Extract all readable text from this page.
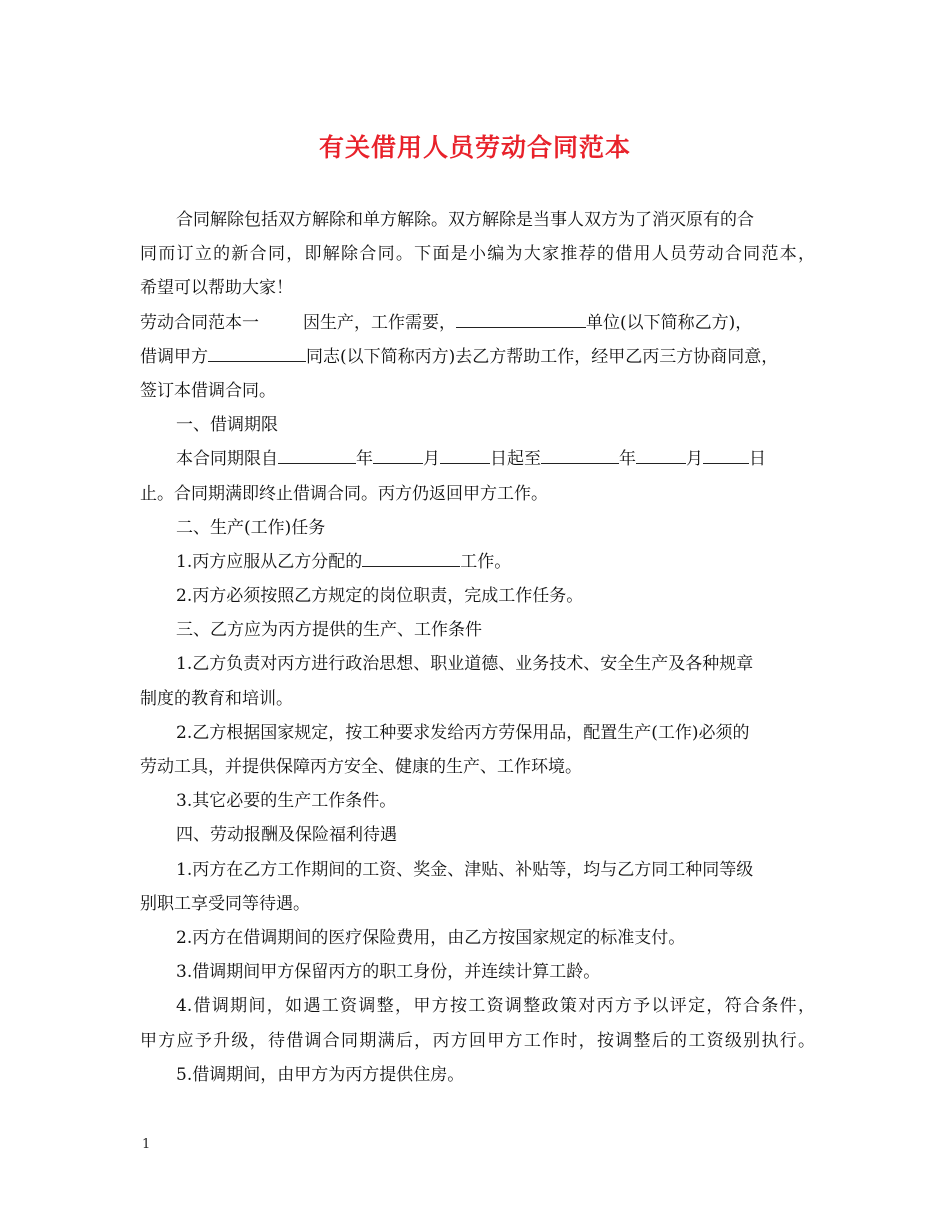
有关借用人员劳动合同范本

合同解除包括双方解除和单方解除。双方解除是当事人双方为了消灭原有的合

同而订立的新合同，即解除合同。下面是小编为大家推荐的借用人员劳动合同范本，

希望可以帮助大家！

劳动合同范本一	因生产，工作需要，	单位(以下简称乙方)，

借调甲方	同志(以下简称丙方)去乙方帮助工作，经甲乙丙三方协商同意，

签订本借调合同。

一、借调期限

本合同期限自	年	月	日起至	年	月	日

止。合同期满即终止借调合同。丙方仍返回甲方工作。

二、生产(工作)任务

1.丙方应服从乙方分配的	工作。

2.丙方必须按照乙方规定的岗位职责，完成工作任务。

三、乙方应为丙方提供的生产、工作条件

1.乙方负责对丙方进行政治思想、职业道德、业务技术、安全生产及各种规章

制度的教育和培训。

2.乙方根据国家规定，按工种要求发给丙方劳保用品，配置生产(工作)必须的

劳动工具，并提供保障丙方安全、健康的生产、工作环境。

3.其它必要的生产工作条件。

四、劳动报酬及保险福利待遇

1.丙方在乙方工作期间的工资、奖金、津贴、补贴等，均与乙方同工种同等级

别职工享受同等待遇。

2.丙方在借调期间的医疗保险费用，由乙方按国家规定的标准支付。

3.借调期间甲方保留丙方的职工身份，并连续计算工龄。

4.借调期间，如遇工资调整，甲方按工资调整政策对丙方予以评定，符合条件，

甲方应予升级，待借调合同期满后，丙方回甲方工作时，按调整后的工资级别执行。

5.借调期间，由甲方为丙方提供住房。

1
